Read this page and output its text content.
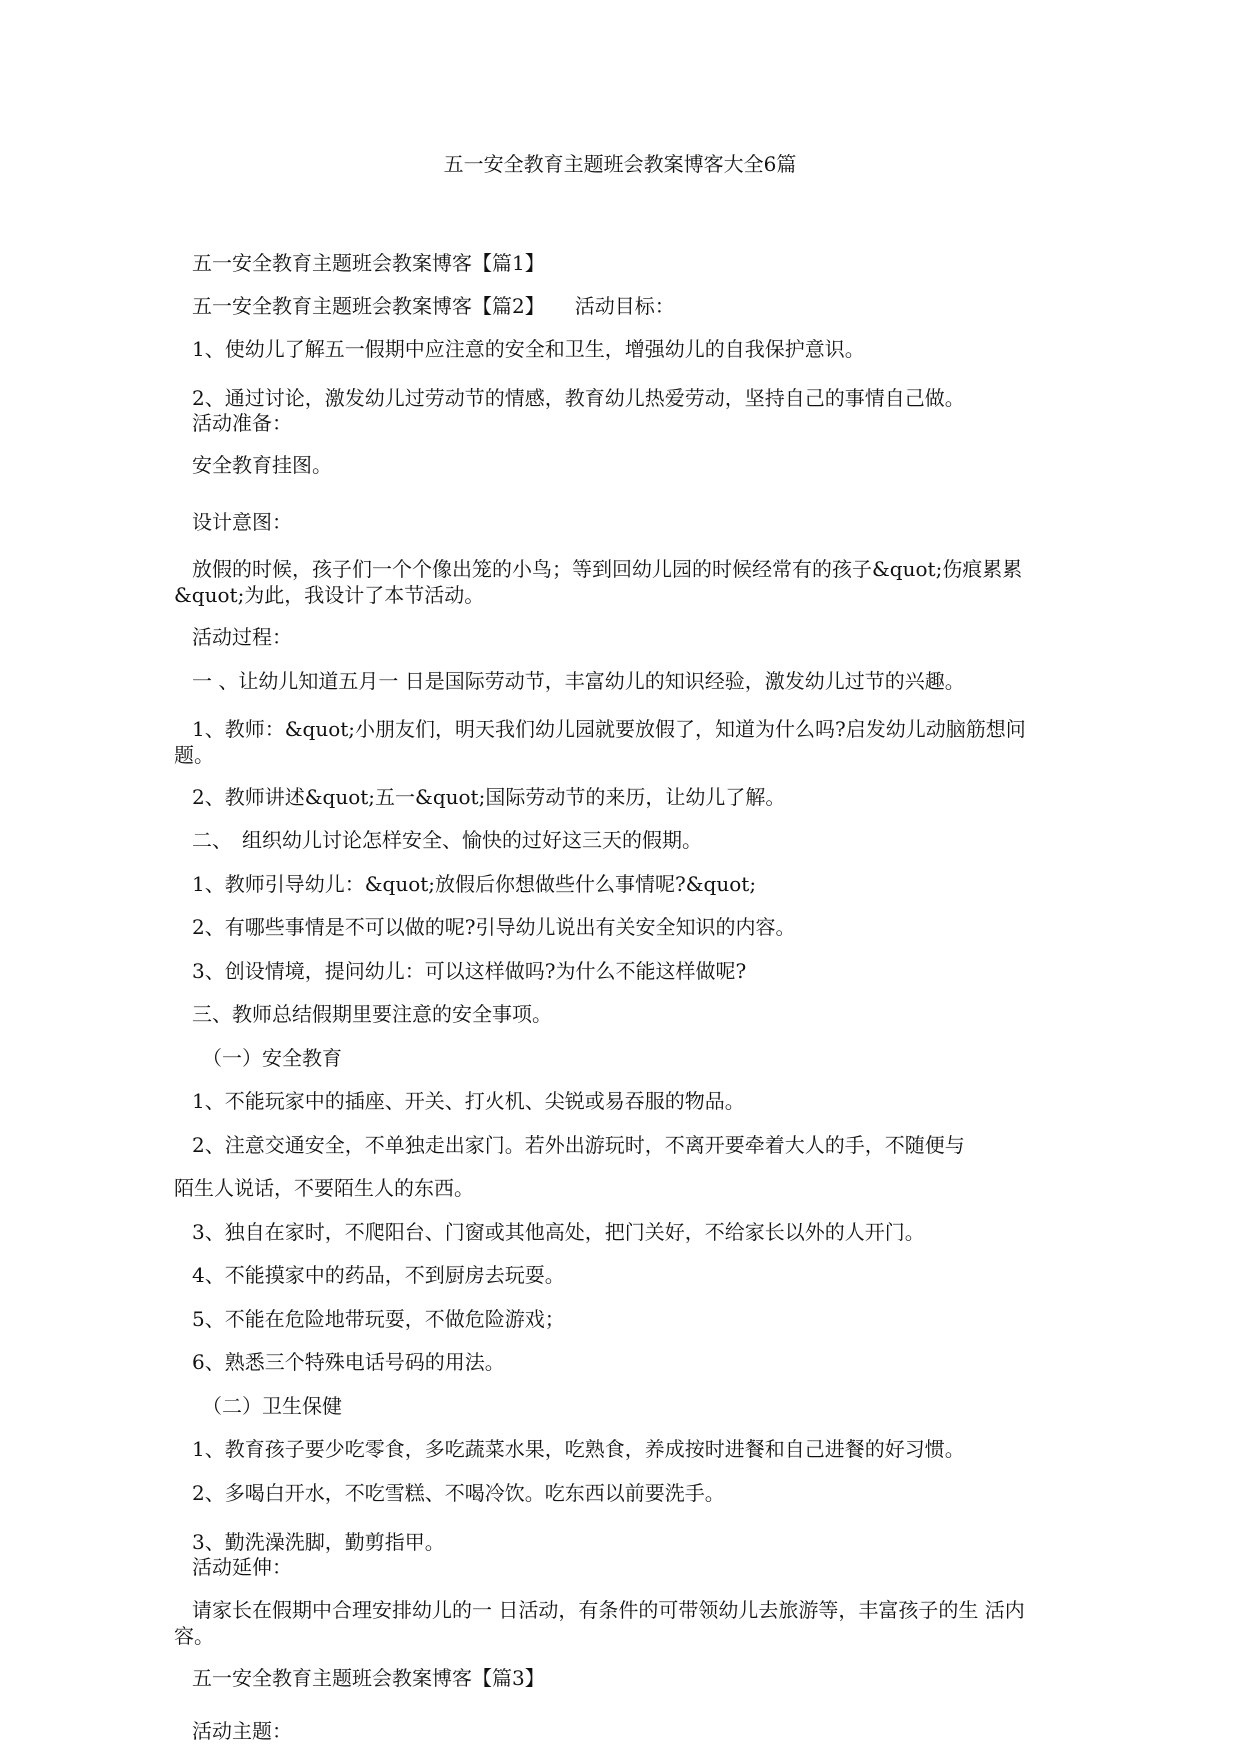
五一安全教育主题班会教案博客大全6篇
五一安全教育主题班会教案博客【篇1】
五一安全教育主题班会教案博客【篇2】　　活动目标：
1、使幼儿了解五一假期中应注意的安全和卫生，增强幼儿的自我保护意识。
2、通过讨论，激发幼儿过劳动节的情感，教育幼儿热爱劳动，坚持自己的事情自己做。
活动准备：
安全教育挂图。
设计意图：
放假的时候，孩子们一个个像出笼的小鸟；等到回幼儿园的时候经常有的孩子&quot;伤痕累累&quot;为此，我设计了本节活动。
活动过程：
一 、让幼儿知道五月一 日是国际劳动节，丰富幼儿的知识经验，激发幼儿过节的兴趣。
1、教师：&quot;小朋友们，明天我们幼儿园就要放假了，知道为什么吗?启发幼儿动脑筋想问题。
2、教师讲述&quot;五一&quot;国际劳动节的来历，让幼儿了解。
二、　组织幼儿讨论怎样安全、愉快的过好这三天的假期。
1、教师引导幼儿：&quot;放假后你想做些什么事情呢?&quot;
2、有哪些事情是不可以做的呢?引导幼儿说出有关安全知识的内容。
3、创设情境，提问幼儿：可以这样做吗?为什么不能这样做呢?
三、教师总结假期里要注意的安全事项。
（一）安全教育
1、不能玩家中的插座、开关、打火机、尖锐或易吞服的物品。
2、注意交通安全，不单独走出家门。若外出游玩时，不离开要牵着大人的手，不随便与
陌生人说话，不要陌生人的东西。
3、独自在家时，不爬阳台、门窗或其他高处，把门关好，不给家长以外的人开门。
4、不能摸家中的药品，不到厨房去玩耍。
5、不能在危险地带玩耍，不做危险游戏；
6、熟悉三个特殊电话号码的用法。
（二）卫生保健
1、教育孩子要少吃零食，多吃蔬菜水果，吃熟食，养成按时进餐和自己进餐的好习惯。
2、多喝白开水，不吃雪糕、不喝冷饮。吃东西以前要洗手。
3、勤洗澡洗脚，勤剪指甲。
活动延伸：
请家长在假期中合理安排幼儿的一 日活动，有条件的可带领幼儿去旅游等，丰富孩子的生 活内容。
五一安全教育主题班会教案博客【篇3】
活动主题：
